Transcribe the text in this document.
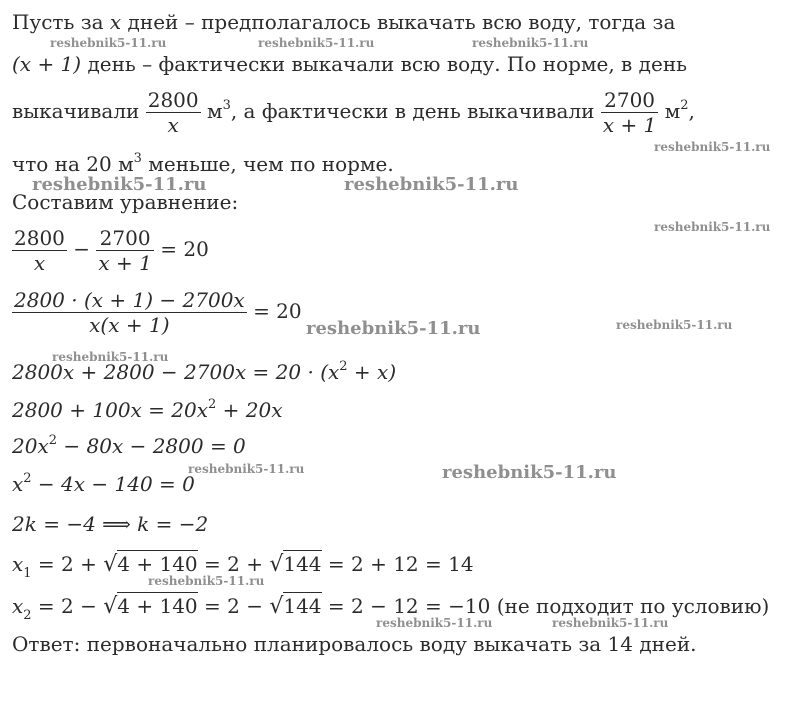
Пусть за x дней – предполагалось выкачать всю воду, тогда за
(x + 1) день – фактически выкачали всю воду. По норме, в день
выкачивали $\frac{2800}{x} м^3$, а фактически в день выкачивали $\frac{2700}{x + 1} м^2$,
что на 20 $м^3$ меньше, чем по норме.
Составим уравнение:
$\frac{2800}{x} - \frac{2700}{x + 1} = 20$
$\frac{2800 \cdot (x + 1) - 2700x}{x(x + 1)} = 20$
$2800x + 2800 - 2700x = 20 \cdot (x^2 + x)$
$2800 + 100x = 20x^2 + 20x$
$20x^2 - 80x - 2800 = 0$
$x^2 - 4x - 140 = 0$
2k = −4 ⟹ k = −2
$x_1 = 2 + √4 + 140 = 2 + √144 = 2 + 12 = 14$
$x_2 = 2 - √4 + 140 = 2 - √144 = 2 - 12 = -10$ (не подходит по условию)
Ответ: первоначально планировалось воду выкачать за 14 дней.
reshebnik5-11.ru	reshebnik5-11.ru	reshebnik5-11.ru
reshebnik5-11.ru
reshebnik5-11.ru	reshebnik5-11.ru
reshebnik5-11.ru
reshebnik5-11.ru	reshebnik5-11.ru
reshebnik5-11.ru
reshebnik5-11.ru	reshebnik5-11.ru
reshebnik5-11.ru
reshebnik5-11.ru	reshebnik5-11.ru
